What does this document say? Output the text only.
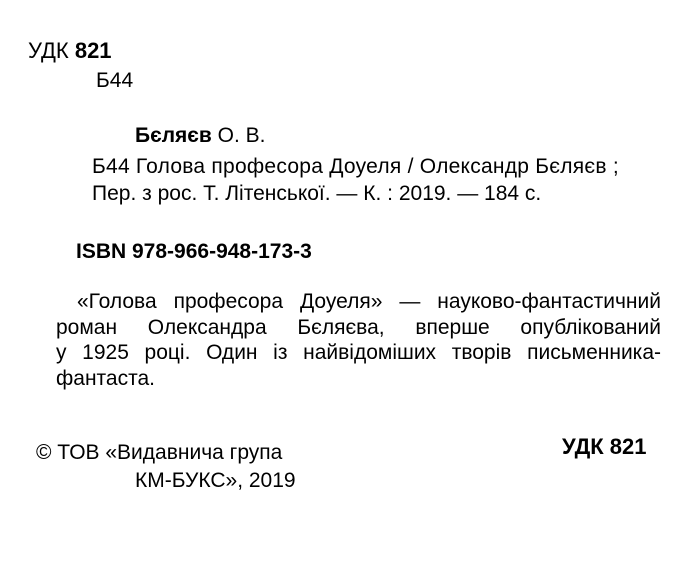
УДК 821
Б44
Бєляєв О. В.
Б44 Голова професора Доуеля / Олександр Бєляєв ;
Пер. з рос. Т. Літенської. — К. : 2019. — 184 с.
ISBN 978-966-948-173-3
«Голова професора Доуеля» — науково-фантастичний
роман Олександра Бєляєва, вперше опублікований
у 1925 році. Один із найвідоміших творів письменника-
фантаста.
© ТОВ «Видавнича група
КМ-БУКС», 2019
УДК 821
